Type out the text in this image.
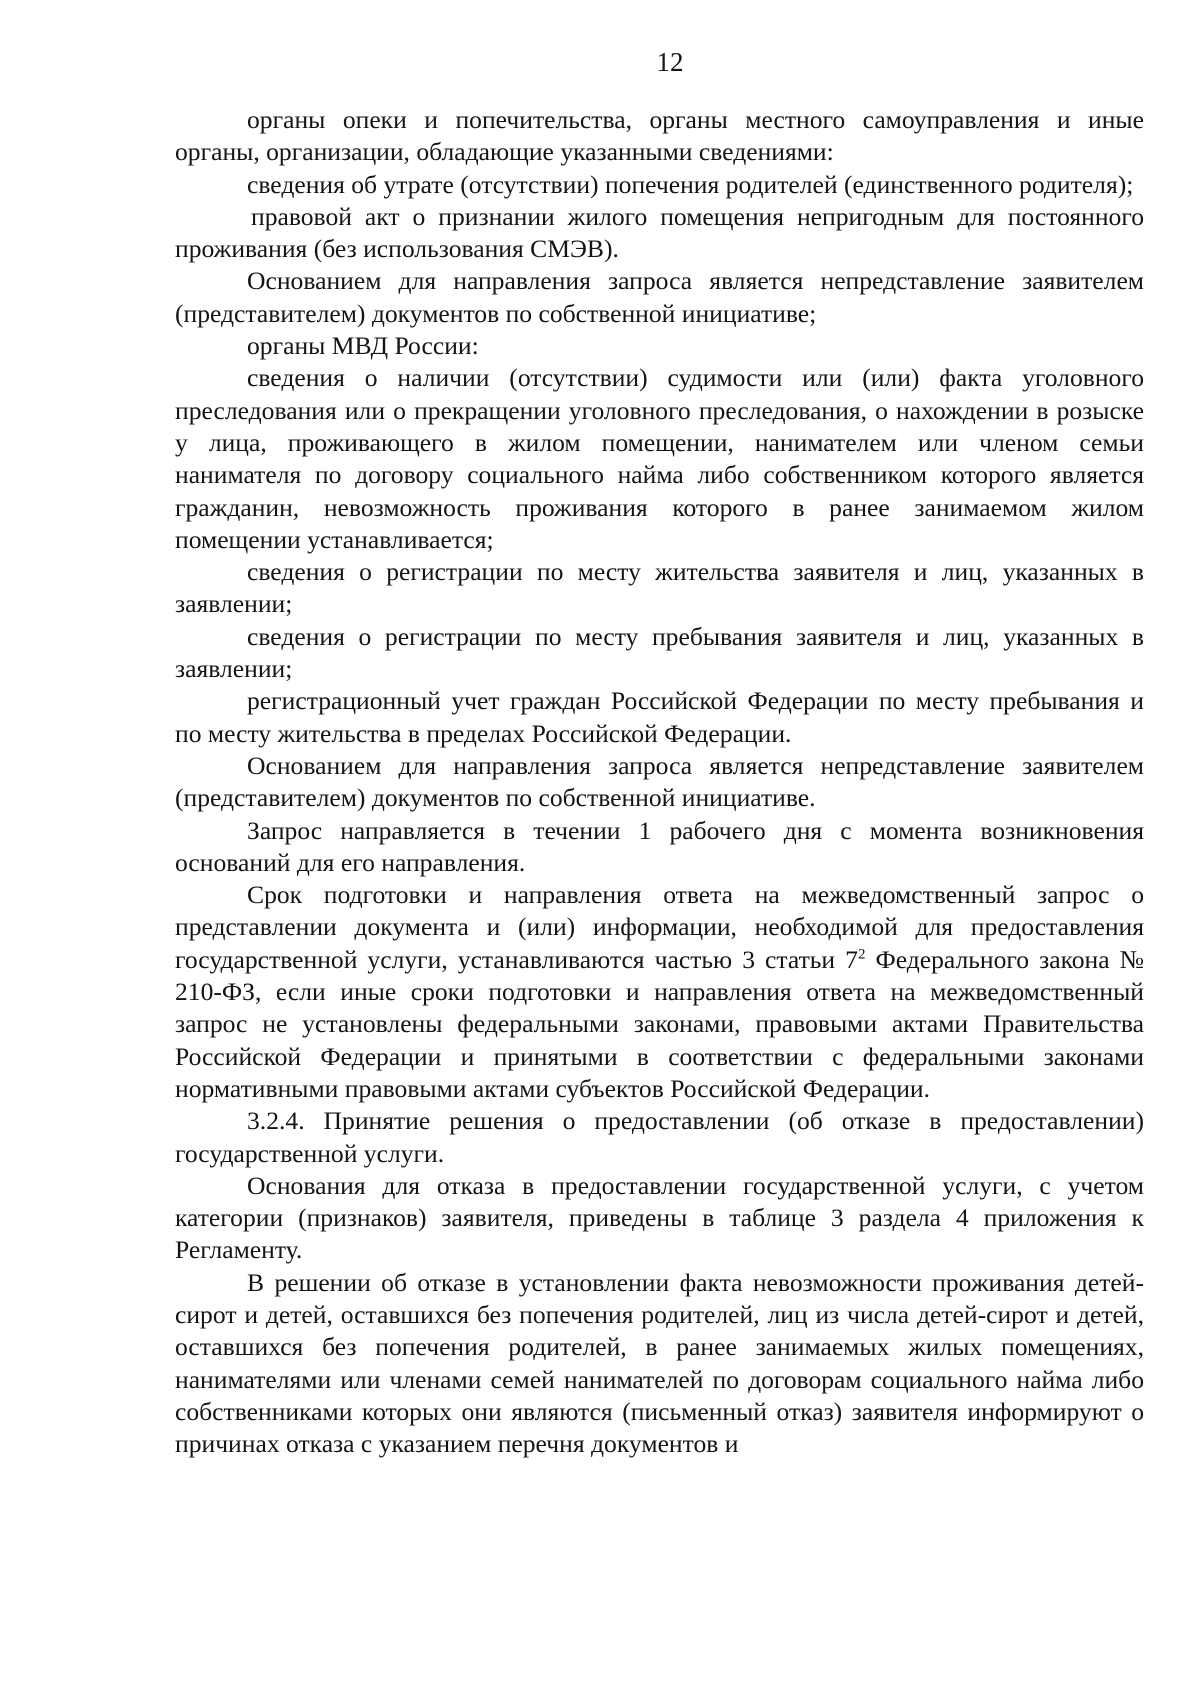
12

органы опеки и попечительства, органы местного самоуправления и иные органы, организации, обладающие указанными сведениями:

сведения об утрате (отсутствии) попечения родителей (единственного родителя);

правовой акт о признании жилого помещения непригодным для постоянного проживания (без использования СМЭВ).

Основанием для направления запроса является непредставление заявителем (представителем) документов по собственной инициативе;

органы МВД России:

сведения о наличии (отсутствии) судимости или (или) факта уголовного преследования или о прекращении уголовного преследования, о нахождении в розыске у лица, проживающего в жилом помещении, нанимателем или членом семьи нанимателя по договору социального найма либо собственником которого является гражданин, невозможность проживания которого в ранее занимаемом жилом помещении устанавливается;

сведения о регистрации по месту жительства заявителя и лиц, указанных в заявлении;

сведения о регистрации по месту пребывания заявителя и лиц, указанных в заявлении;

регистрационный учет граждан Российской Федерации по месту пребывания и по месту жительства в пределах Российской Федерации.

Основанием для направления запроса является непредставление заявителем (представителем) документов по собственной инициативе.

Запрос направляется в течении 1 рабочего дня с момента возникновения оснований для его направления.

Срок подготовки и направления ответа на межведомственный запрос о представлении документа и (или) информации, необходимой для предоставления государственной услуги, устанавливаются частью 3 статьи $7^2$ Федерального закона № 210-ФЗ, если иные сроки подготовки и направления ответа на межведомственный запрос не установлены федеральными законами, правовыми актами Правительства Российской Федерации и принятыми в соответствии с федеральными законами нормативными правовыми актами субъектов Российской Федерации.

3.2.4. Принятие решения о предоставлении (об отказе в предоставлении) государственной услуги.

Основания для отказа в предоставлении государственной услуги, с учетом категории (признаков) заявителя, приведены в таблице 3 раздела 4 приложения к Регламенту.

В решении об отказе в установлении факта невозможности проживания детей-сирот и детей, оставшихся без попечения родителей, лиц из числа детей-сирот и детей, оставшихся без попечения родителей, в ранее занимаемых жилых помещениях, нанимателями или членами семей нанимателей по договорам социального найма либо собственниками которых они являются (письменный отказ) заявителя информируют о причинах отказа с указанием перечня документов и
